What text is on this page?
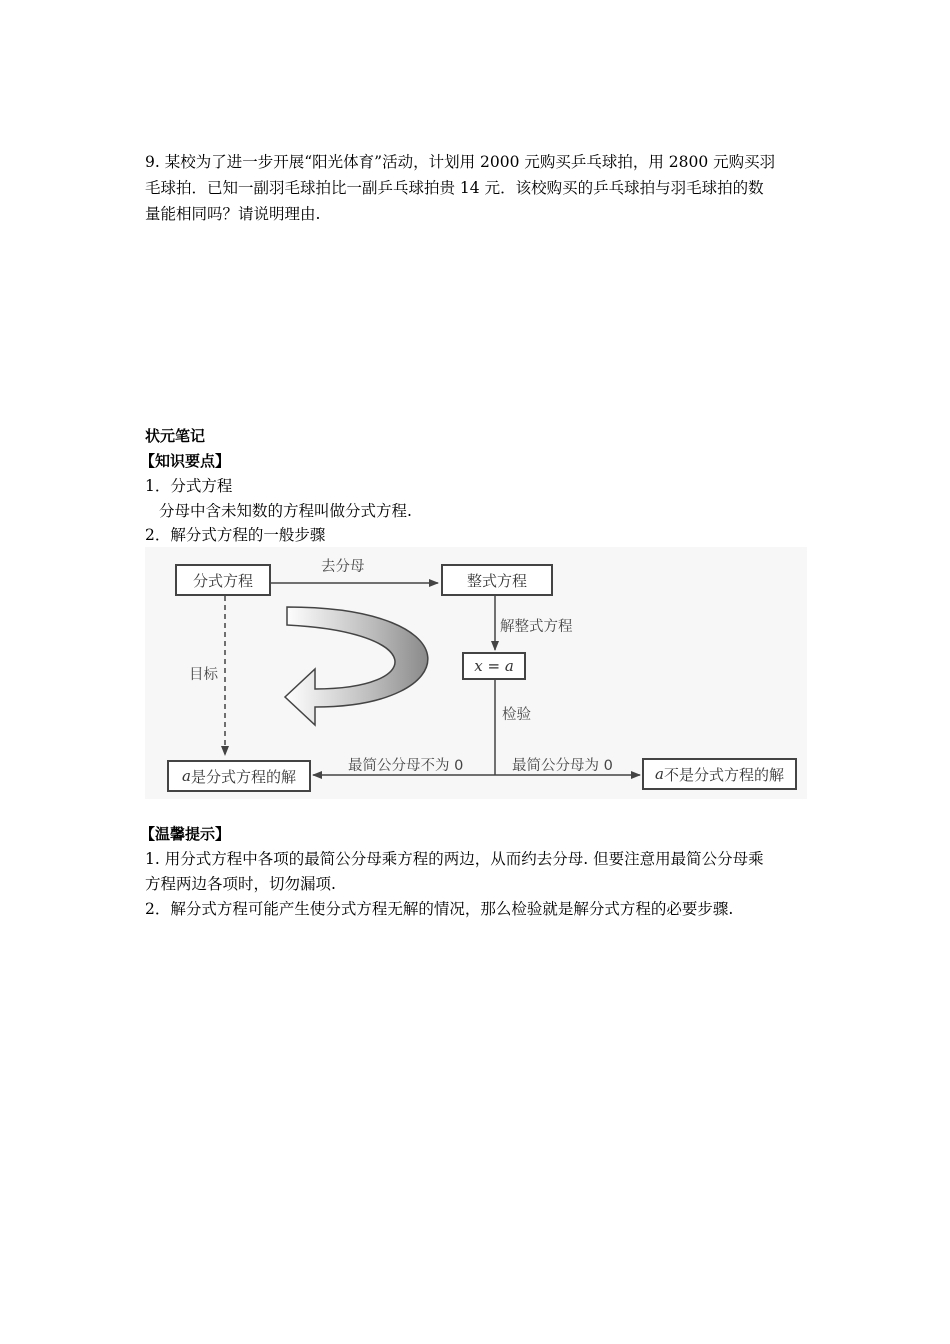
9. 某校为了进一步开展“阳光体育”活动，计划用 2000 元购买乒乓球拍，用 2800 元购买羽
毛球拍．已知一副羽毛球拍比一副乒乓球拍贵 14 元．该校购买的乒乓球拍与羽毛球拍的数
量能相同吗？请说明理由.
状元笔记
【知识要点】
1．分式方程
分母中含未知数的方程叫做分式方程.
2．解分式方程的一般步骤
分式方程	整式方程
x = a
a 是分式方程的解	a 不是分式方程的解
去分母
解整式方程
目标
检验
最简公分母不为 0	最简公分母为 0
【温馨提示】
1. 用分式方程中各项的最简公分母乘方程的两边，从而约去分母. 但要注意用最简公分母乘
方程两边各项时，切勿漏项.
2．解分式方程可能产生使分式方程无解的情况，那么检验就是解分式方程的必要步骤.
